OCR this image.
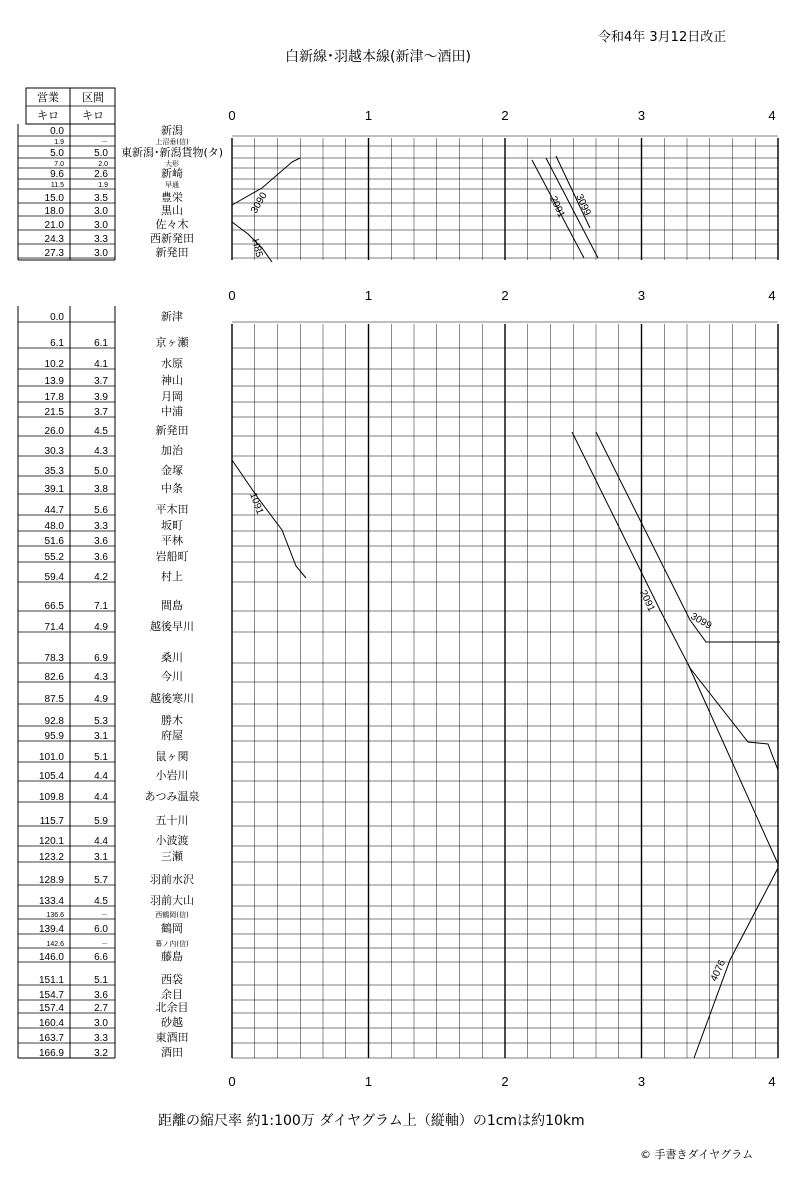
令和4年 3月12日改正
白新線･羽越本線(新津～酒田)
営業 区間
キロ キロ
0.0	新潟
1.9	－	上沼垂(信)
5.0	5.0 東新潟･新潟貨物(タ)
7.0	2.0	大形
9.6	2.6	新崎
11.5	1.9	早通
15.0	3.5	豊栄
18.0	3.0	黒山
21.0	3.0	佐々木
24.3	3.3	西新発田
27.3	3.0	新発田
0	1	2	3	4
3090	3099
2091
H85
0	1	2	3	4
0.0	新津
6.1	6.1	京ヶ瀬
10.2	4.1	水原
13.9	3.7	神山
17.8	3.9	月岡
21.5	3.7	中浦
26.0	4.5	新発田
30.3	4.3	加治
35.3	5.0	金塚
39.1	3.8	中条
44.7	5.6	平木田
48.0	3.3	坂町
51.6	3.6	平林
55.2	3.6	岩船町
59.4	4.2	村上
66.5	7.1	間島
71.4	4.9	越後早川
78.3	6.9	桑川
82.6	4.3	今川
87.5	4.9	越後寒川
92.8	5.3	勝木
95.9	3.1	府屋
101.0	5.1	鼠ヶ関
105.4	4.4	小岩川
109.8	4.4	あつみ温泉
115.7	5.9	五十川
120.1	4.4	小波渡
123.2	3.1	三瀬
128.9	5.7	羽前水沢
133.4	4.5	羽前大山
136.6	－	西鶴岡(信)
139.4	6.0	鶴岡
142.6	－	幕ノ内(信)
146.0	6.6	藤島
151.1	5.1	西袋
154.7	3.6	余目
157.4	2.7	北余目
160.4	3.0	砂越
163.7	3.3	東酒田
166.9	3.2	酒田
1091
2091
3099
4076
0	1	2	3	4
距離の縮尺率 約1:100万 ダイヤグラム上（縦軸）の1cmは約10km
© 手書きダイヤグラム
